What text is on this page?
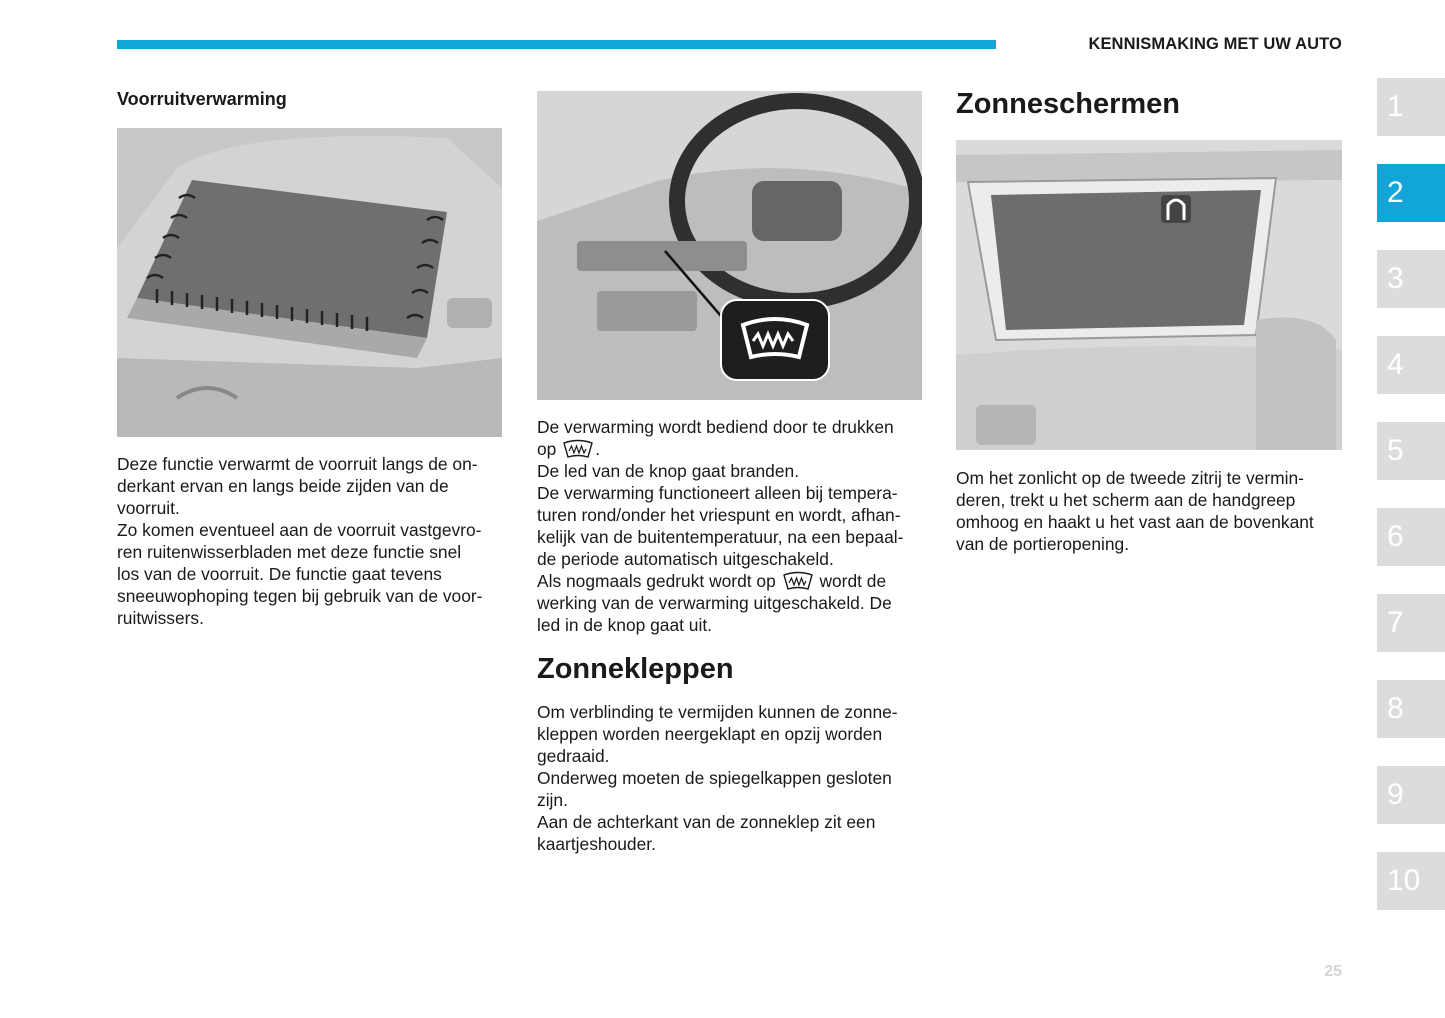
KENNISMAKING MET UW AUTO
Voorruitverwarming

Deze functie verwarmt de voorruit langs de on-

derkant ervan en langs beide zijden van de

voorruit.

Zo komen eventueel aan de voorruit vastgevro-

ren ruitenwisserbladen met deze functie snel

los van de voorruit. De functie gaat tevens

sneeuwophoping tegen bij gebruik van de voor-

ruitwissers.

De verwarming wordt bediend door te drukken

op .

De led van de knop gaat branden.

De verwarming functioneert alleen bij tempera-

turen rond/onder het vriespunt en wordt, afhan-

kelijk van de buitentemperatuur, na een bepaal-

de periode automatisch uitgeschakeld.

Als nogmaals gedrukt wordt op	wordt de

werking van de verwarming uitgeschakeld. De

led in de knop gaat uit.

Zonnekleppen

Om verblinding te vermijden kunnen de zonne-

kleppen worden neergeklapt en opzij worden

gedraaid.

Onderweg moeten de spiegelkappen gesloten

zijn.

Aan de achterkant van de zonneklep zit een

kaartjeshouder.

Zonneschermen

Om het zonlicht op de tweede zitrij te vermin-

deren, trekt u het scherm aan de handgreep

omhoog en haakt u het vast aan de bovenkant

van de portieropening.

1
2
3
4
5
6
7
8
9
10
25
